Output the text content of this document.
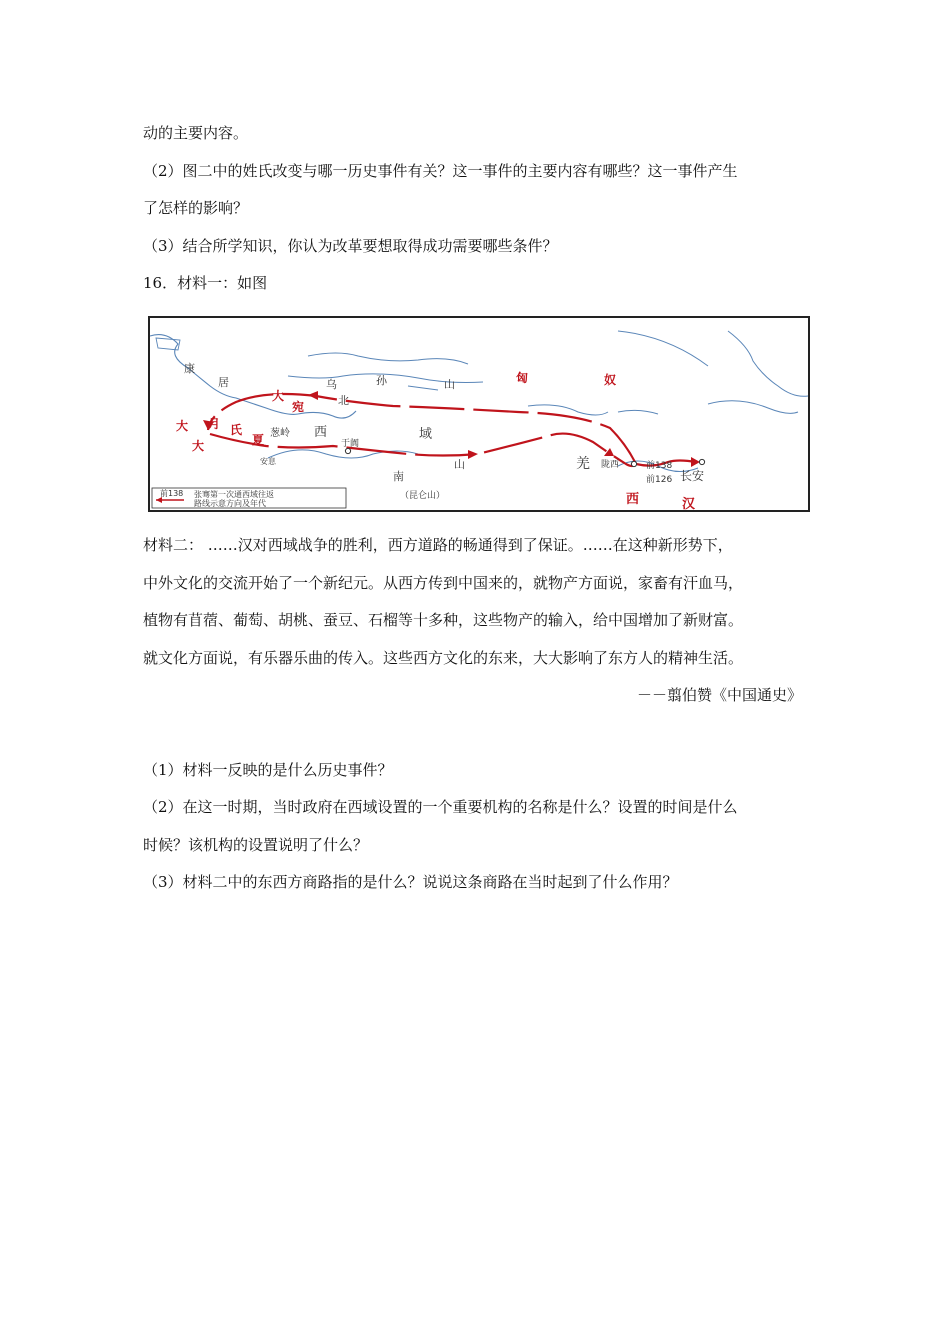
动的主要内容。
（2）图二中的姓氏改变与哪一历史事件有关？这一事件的主要内容有哪些？这一事件产生
了怎样的影响？
（3）结合所学知识，你认为改革要想取得成功需要哪些条件？
16．材料一：如图
康
居	乌	孙	山
北
西	域
南
山
（昆仑山）
葱岭
于阗
羌 陇西
长安
安息
匈	奴
大
宛
大 月 氏
大	夏
西	汉
前138
前126
前138 张骞第一次通西域往返
路线示意方向及年代
材料二： ……汉对西域战争的胜利，西方道路的畅通得到了保证。……在这种新形势下，
中外文化的交流开始了一个新纪元。从西方传到中国来的，就物产方面说，家畜有汗血马，
植物有苜蓿、葡萄、胡桃、蚕豆、石榴等十多种，这些物产的输入，给中国增加了新财富。
就文化方面说，有乐器乐曲的传入。这些西方文化的东来，大大影响了东方人的精神生活。
－－翦伯赞《中国通史》
（1）材料一反映的是什么历史事件？
（2）在这一时期，当时政府在西域设置的一个重要机构的名称是什么？设置的时间是什么
时候？该机构的设置说明了什么？
（3）材料二中的东西方商路指的是什么？说说这条商路在当时起到了什么作用？
